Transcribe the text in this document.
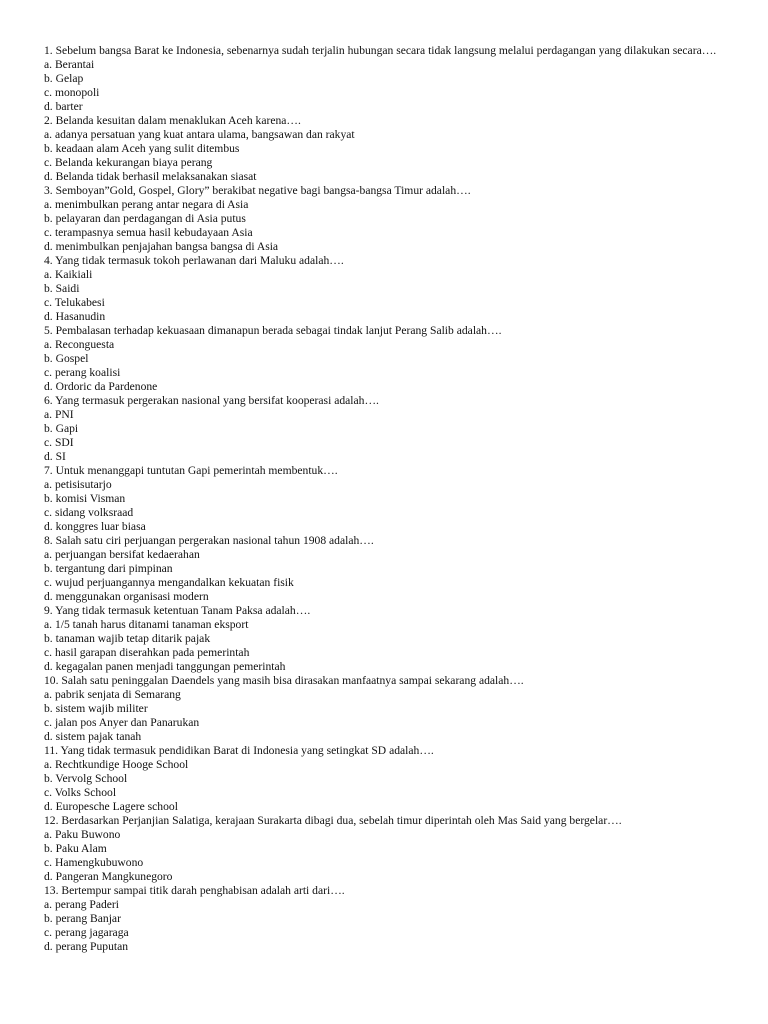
1. Sebelum bangsa Barat ke Indonesia, sebenarnya sudah terjalin hubungan secara tidak langsung melalui perdagangan yang dilakukan secara….
a. Berantai
b. Gelap
c. monopoli
d. barter
2. Belanda kesuitan dalam menaklukan Aceh karena….
a. adanya persatuan yang kuat antara ulama, bangsawan dan rakyat
b. keadaan alam Aceh yang sulit ditembus
c. Belanda kekurangan biaya perang
d. Belanda tidak berhasil melaksanakan siasat
3. Semboyan”Gold, Gospel, Glory” berakibat negative bagi bangsa-bangsa Timur adalah….
a. menimbulkan perang antar negara di Asia
b. pelayaran dan perdagangan di Asia putus
c. terampasnya semua hasil kebudayaan Asia
d. menimbulkan penjajahan bangsa bangsa di Asia
4. Yang tidak termasuk tokoh perlawanan dari Maluku adalah….
a. Kaikiali
b. Saidi
c. Telukabesi
d. Hasanudin
5. Pembalasan terhadap kekuasaan dimanapun berada sebagai tindak lanjut Perang Salib adalah….
a. Reconguesta
b. Gospel
c. perang koalisi
d. Ordoric da Pardenone
6. Yang termasuk pergerakan nasional yang bersifat kooperasi adalah….
a. PNI
b. Gapi
c. SDI
d. SI
7. Untuk menanggapi tuntutan Gapi pemerintah membentuk….
a. petisisutarjo
b. komisi Visman
c. sidang volksraad
d. konggres luar biasa
8. Salah satu ciri perjuangan pergerakan nasional tahun 1908 adalah….
a. perjuangan bersifat kedaerahan
b. tergantung dari pimpinan
c. wujud perjuangannya mengandalkan kekuatan fisik
d. menggunakan organisasi modern
9. Yang tidak termasuk ketentuan Tanam Paksa adalah….
a. 1/5 tanah harus ditanami tanaman eksport
b. tanaman wajib tetap ditarik pajak
c. hasil garapan diserahkan pada pemerintah
d. kegagalan panen menjadi tanggungan pemerintah
10. Salah satu peninggalan Daendels yang masih bisa dirasakan manfaatnya sampai sekarang adalah….
a. pabrik senjata di Semarang
b. sistem wajib militer
c. jalan pos Anyer dan Panarukan
d. sistem pajak tanah
11. Yang tidak termasuk pendidikan Barat di Indonesia yang setingkat SD adalah….
a. Rechtkundige Hooge School
b. Vervolg School
c. Volks School
d. Europesche Lagere school
12. Berdasarkan Perjanjian Salatiga, kerajaan Surakarta dibagi dua, sebelah timur diperintah oleh Mas Said yang bergelar….
a. Paku Buwono
b. Paku Alam
c. Hamengkubuwono
d. Pangeran Mangkunegoro
13. Bertempur sampai titik darah penghabisan adalah arti dari….
a. perang Paderi
b. perang Banjar
c. perang jagaraga
d. perang Puputan
